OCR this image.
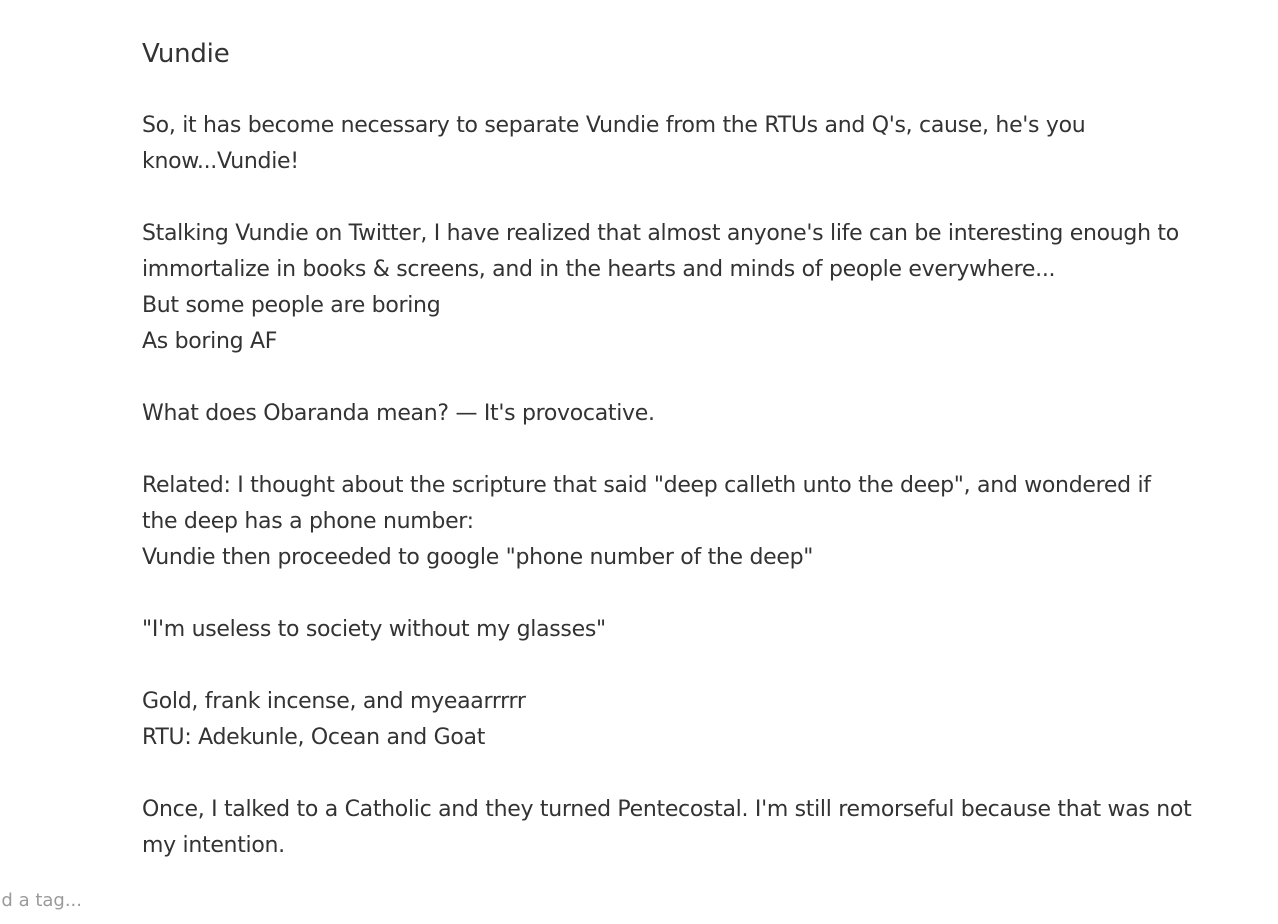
Vundie
So, it has become necessary to separate Vundie from the RTUs and Q's, cause, he's you
know...Vundie!
Stalking Vundie on Twitter, I have realized that almost anyone's life can be interesting enough to
immortalize in books & screens, and in the hearts and minds of people everywhere...
But some people are boring
As boring AF
What does Obaranda mean? — It's provocative.
Related: I thought about the scripture that said "deep calleth unto the deep", and wondered if
the deep has a phone number:
Vundie then proceeded to google "phone number of the deep"
"I'm useless to society without my glasses"
Gold, frank incense, and myeaarrrrr
RTU: Adekunle, Ocean and Goat
Once, I talked to a Catholic and they turned Pentecostal. I'm still remorseful because that was not
my intention.
Add a tag...
